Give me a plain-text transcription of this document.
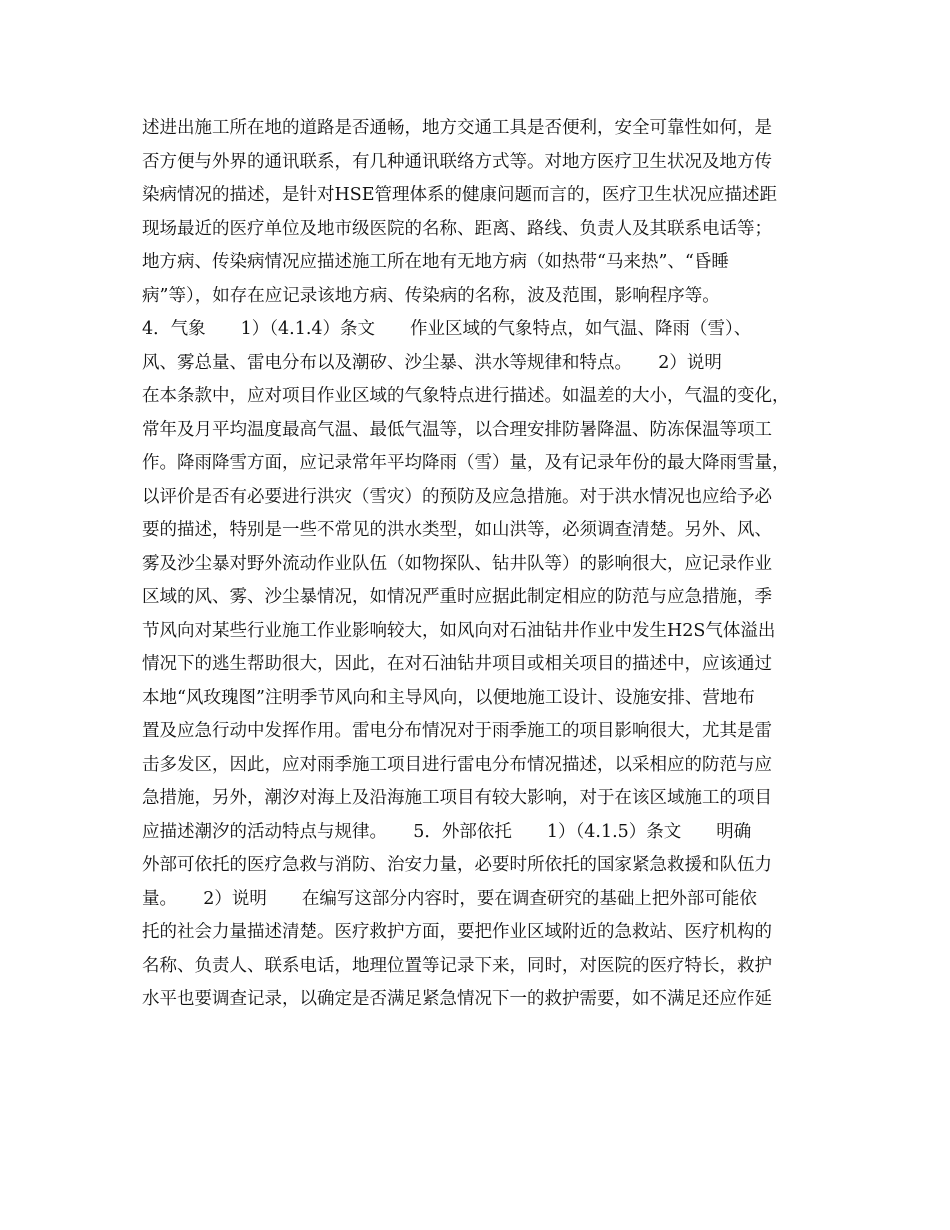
述进出施工所在地的道路是否通畅，地方交通工具是否便利，安全可靠性如何，是
否方便与外界的通讯联系，有几种通讯联络方式等。对地方医疗卫生状况及地方传
染病情况的描述，是针对HSE管理体系的健康问题而言的，医疗卫生状况应描述距
现场最近的医疗单位及地市级医院的名称、距离、路线、负责人及其联系电话等；
地方病、传染病情况应描述施工所在地有无地方病（如热带“马来热”、“昏睡
病”等），如存在应记录该地方病、传染病的名称，波及范围，影响程序等。
4．气象　　1）（4.1.4）条文　　作业区域的气象特点，如气温、降雨（雪）、
风、雾总量、雷电分布以及潮矽、沙尘暴、洪水等规律和特点。　　2）说明
在本条款中，应对项目作业区域的气象特点进行描述。如温差的大小，气温的变化，
常年及月平均温度最高气温、最低气温等，以合理安排防暑降温、防冻保温等项工
作。降雨降雪方面，应记录常年平均降雨（雪）量，及有记录年份的最大降雨雪量，
以评价是否有必要进行洪灾（雪灾）的预防及应急措施。对于洪水情况也应给予必
要的描述，特别是一些不常见的洪水类型，如山洪等，必须调查清楚。另外、风、
雾及沙尘暴对野外流动作业队伍（如物探队、钻井队等）的影响很大，应记录作业
区域的风、雾、沙尘暴情况，如情况严重时应据此制定相应的防范与应急措施，季
节风向对某些行业施工作业影响较大，如风向对石油钻井作业中发生H2S气体溢出
情况下的逃生帮助很大，因此，在对石油钻井项目或相关项目的描述中，应该通过
本地“风玫瑰图”注明季节风向和主导风向，以便地施工设计、设施安排、营地布
置及应急行动中发挥作用。雷电分布情况对于雨季施工的项目影响很大，尤其是雷
击多发区，因此，应对雨季施工项目进行雷电分布情况描述，以采相应的防范与应
急措施，另外，潮汐对海上及沿海施工项目有较大影响，对于在该区域施工的项目
应描述潮汐的活动特点与规律。　　5．外部依托　　1）（4.1.5）条文　　明确
外部可依托的医疗急救与消防、治安力量，必要时所依托的国家紧急救援和队伍力
量。　　2）说明　　在编写这部分内容时，要在调查研究的基础上把外部可能依
托的社会力量描述清楚。医疗救护方面，要把作业区域附近的急救站、医疗机构的
名称、负责人、联系电话，地理位置等记录下来，同时，对医院的医疗特长，救护
水平也要调查记录，以确定是否满足紧急情况下一的救护需要，如不满足还应作延
